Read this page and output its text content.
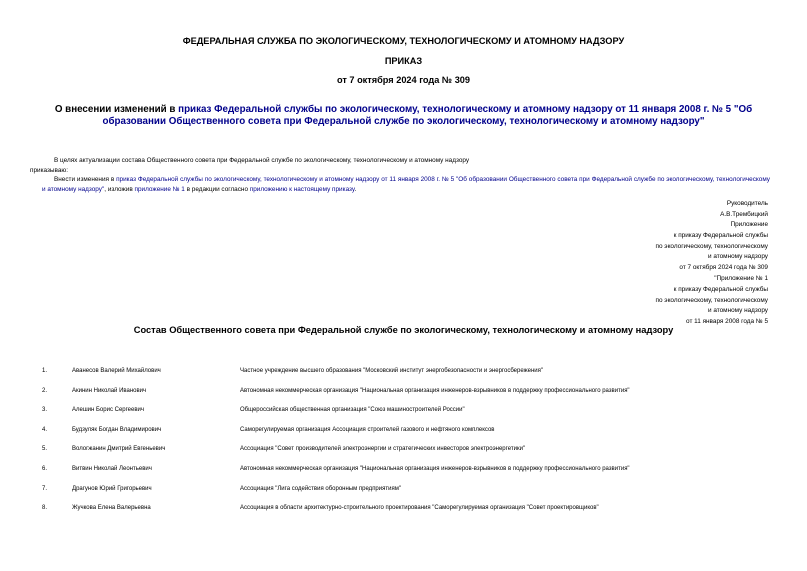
ФЕДЕРАЛЬНАЯ СЛУЖБА ПО ЭКОЛОГИЧЕСКОМУ, ТЕХНОЛОГИЧЕСКОМУ И АТОМНОМУ НАДЗОРУ
ПРИКАЗ
от 7 октября 2024 года № 309
О внесении изменений в приказ Федеральной службы по экологическому, технологическому и атомному надзору от 11 января 2008 г. № 5 "Об образовании Общественного совета при Федеральной службе по экологическому, технологическому и атомному надзору"
В целях актуализации состава Общественного совета при Федеральной службе по экологическому, технологическому и атомному надзору
приказываю:
Внести изменения в приказ Федеральной службы по экологическому, технологическому и атомному надзору от 11 января 2008 г. № 5 "Об образовании Общественного совета при Федеральной службе по экологическому, технологическому и атомному надзору", изложив приложение № 1 в редакции согласно приложению к настоящему приказу.
Руководитель
А.В.Трембицкий
Приложение
к приказу Федеральной службы
по экологическому, технологическому
и атомному надзору
от 7 октября 2024 года № 309
"Приложение № 1
к приказу Федеральной службы
по экологическому, технологическому
и атомному надзору
от 11 января 2008 года № 5
Состав Общественного совета при Федеральной службе по экологическому, технологическому и атомному надзору
1.	Аванесов Валерий Михайлович	Частное учреждение высшего образования "Московский институт энергобезопасности и энергосбережения"
2.	Акинин Николай Иванович	Автономная некоммерческая организация "Национальная организация инженеров-взрывников в поддержку профессионального развития"
3.	Алешин Борис Сергеевич	Общероссийская общественная организация "Союз машиностроителей России"
4.	Будзуляк Богдан Владимирович	Саморегулируемая организация Ассоциация строителей газового и нефтяного комплексов
5.	Вологжанин Дмитрий Евгеньевич	Ассоциация "Совет производителей электроэнергии и стратегических инвесторов электроэнергетики"
6.	Витвин Николай Леонтьевич	Автономная некоммерческая организация "Национальная организация инженеров-взрывников в поддержку профессионального развития"
7.	Драгунов Юрий Григорьевич	Ассоциация "Лига содействия оборонным предприятиям"
8.	Жучкова Елена Валерьевна	Ассоциация в области архитектурно-строительного проектирования "Саморегулируемая организация "Совет проектировщиков"
